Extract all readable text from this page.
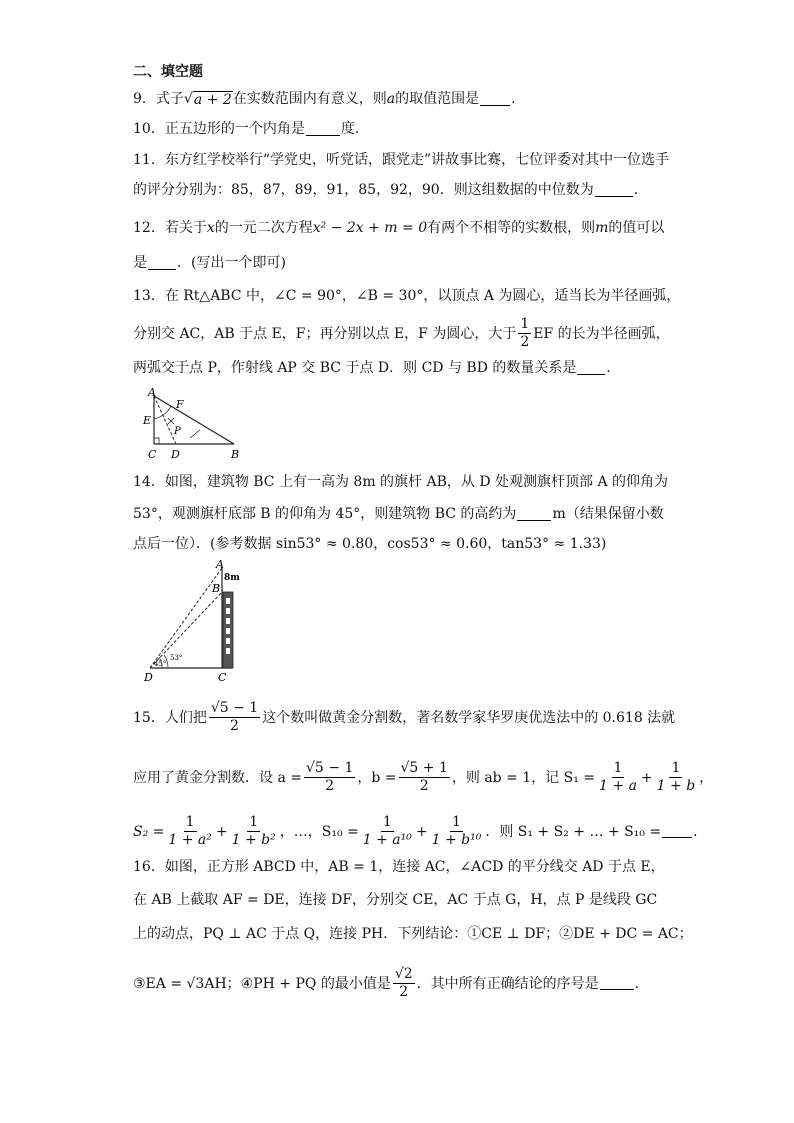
二、填空题
9．式子 √ a + 2 在实数范围内有意义，则 a 的取值范围是 ．
10．正五边形的一个内角是	度．
11．东方红学校举行“学党史，听党话，跟党走”讲故事比赛，七位评委对其中一位选手
的评分分别为：85，87，89，91，85，92，90．则这组数据的中位数为	．
12．若关于 x 的一元二次方程 x² − 2x + m = 0 有两个不相等的实数根，则 m 的值可以
是 ．(写出一个即可)
13．在 Rt△ABC 中，∠C = 90°，∠B = 30°，以顶点 A 为圆心，适当长为半径画弧，
分别交 AC，AB 于点 E，F；再分别以点 E，F 为圆心，大于 $\frac{1}{2}$ EF 的长为半径画弧，
两弧交于点 P，作射线 AP 交 BC 于点 D．则 CD 与 BD 的数量关系是 ．
A
F
E
P
C D	B
14．如图，建筑物 BC 上有一高为 8m 的旗杆 AB，从 D 处观测旗杆顶部 A 的仰角为
53°，观测旗杆底部 B 的仰角为 45°，则建筑物 BC 的高约为	m（结果保留小数
点后一位）．(参考数据 sin53° ≈ 0.80，cos53° ≈ 0.60，tan53° ≈ 1.33)
A
8m
B
D	C
53°
45°
15．人们把 $\frac{√5 - 1}{2}$ 这个数叫做黄金分割数，著名数学家华罗庚优选法中的 0.618 法就
应用了黄金分割数．设 $a = \frac{√5 - 1}{2}$ ，$b = \frac{√5 + 1}{2}$ ，则 ab = 1，记 $S_1 = \frac{1}{1 + a} + \frac{1}{1 + b}$ ，
$S_2 = \frac{1}{\text{1 + a²}} + \frac{1}{\text{1 + b²}}$ ，…，$S_{10} = \frac{1}{\text{1 + a¹⁰}} + \frac{1}{\text{1 + b¹⁰}}$ ．则 S₁ + S₂ + … + S₁₀ = ．
16．如图，正方形 ABCD 中，AB = 1，连接 AC，∠ACD 的平分线交 AD 于点 E，
在 AB 上截取 AF = DE，连接 DF，分别交 CE，AC 于点 G，H，点 P 是线段 GC
上的动点，PQ ⊥ AC 于点 Q，连接 PH．下列结论：①CE ⊥ DF；②DE + DC = AC；
③EA = √3AH；④PH + PQ 的最小值是 $\frac{√2}{2}$ ．其中所有正确结论的序号是	．
